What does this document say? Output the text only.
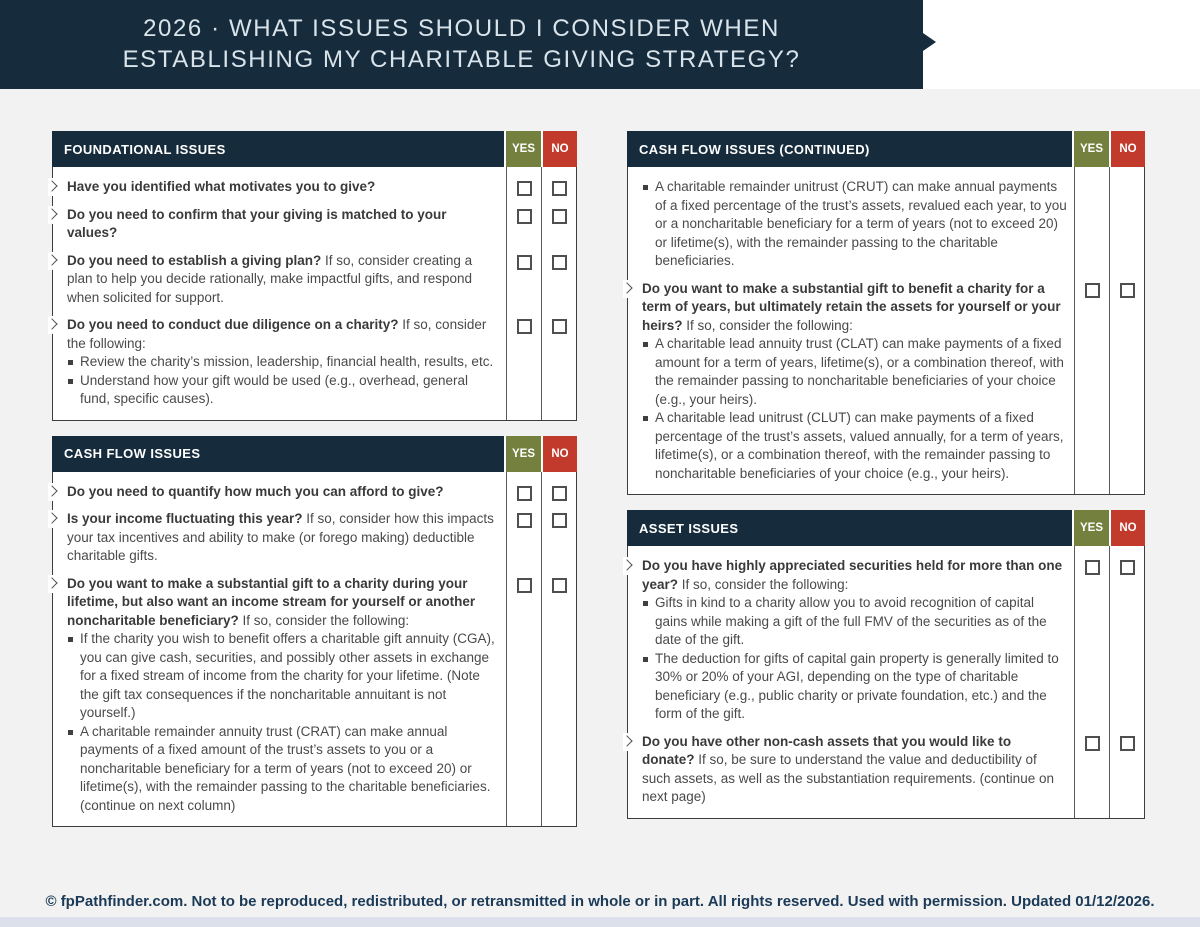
2026 · WHAT ISSUES SHOULD I CONSIDER WHEN
ESTABLISHING MY CHARITABLE GIVING STRATEGY?
FOUNDATIONAL ISSUES	YES	NO
Have you identified what motivates you to give?
Do you need to confirm that your giving is matched to your values?
Do you need to establish a giving plan? If so, consider creating a plan to help you decide rationally, make impactful gifts, and respond when solicited for support.
Do you need to conduct due diligence on a charity? If so, consider the following:
Review the charity’s mission, leadership, financial health, results, etc.
Understand how your gift would be used (e.g., overhead, general fund, specific causes).
CASH FLOW ISSUES	YES	NO
Do you need to quantify how much you can afford to give?
Is your income fluctuating this year? If so, consider how this impacts your tax incentives and ability to make (or forego making) deductible charitable gifts.
Do you want to make a substantial gift to a charity during your lifetime, but also want an income stream for yourself or another noncharitable beneficiary? If so, consider the following:
If the charity you wish to benefit offers a charitable gift annuity (CGA), you can give cash, securities, and possibly other assets in exchange for a fixed stream of income from the charity for your lifetime. (Note the gift tax consequences if the noncharitable annuitant is not yourself.)
A charitable remainder annuity trust (CRAT) can make annual payments of a fixed amount of the trust’s assets to you or a noncharitable beneficiary for a term of years (not to exceed 20) or lifetime(s), with the remainder passing to the charitable beneficiaries. (continue on next column)
CASH FLOW ISSUES (CONTINUED)	YES	NO
A charitable remainder unitrust (CRUT) can make annual payments of a fixed percentage of the trust’s assets, revalued each year, to you or a noncharitable beneficiary for a term of years (not to exceed 20) or lifetime(s), with the remainder passing to the charitable beneficiaries.
Do you want to make a substantial gift to benefit a charity for a term of years, but ultimately retain the assets for yourself or your heirs? If so, consider the following:
A charitable lead annuity trust (CLAT) can make payments of a fixed amount for a term of years, lifetime(s), or a combination thereof, with the remainder passing to noncharitable beneficiaries of your choice (e.g., your heirs).
A charitable lead unitrust (CLUT) can make payments of a fixed percentage of the trust’s assets, valued annually, for a term of years, lifetime(s), or a combination thereof, with the remainder passing to noncharitable beneficiaries of your choice (e.g., your heirs).
ASSET ISSUES	YES	NO
Do you have highly appreciated securities held for more than one year? If so, consider the following:
Gifts in kind to a charity allow you to avoid recognition of capital gains while making a gift of the full FMV of the securities as of the date of the gift.
The deduction for gifts of capital gain property is generally limited to 30% or 20% of your AGI, depending on the type of charitable beneficiary (e.g., public charity or private foundation, etc.) and the form of the gift.
Do you have other non-cash assets that you would like to donate? If so, be sure to understand the value and deductibility of such assets, as well as the substantiation requirements. (continue on next page)
© fpPathfinder.com. Not to be reproduced, redistributed, or retransmitted in whole or in part. All rights reserved. Used with permission. Updated 01/12/2026.
